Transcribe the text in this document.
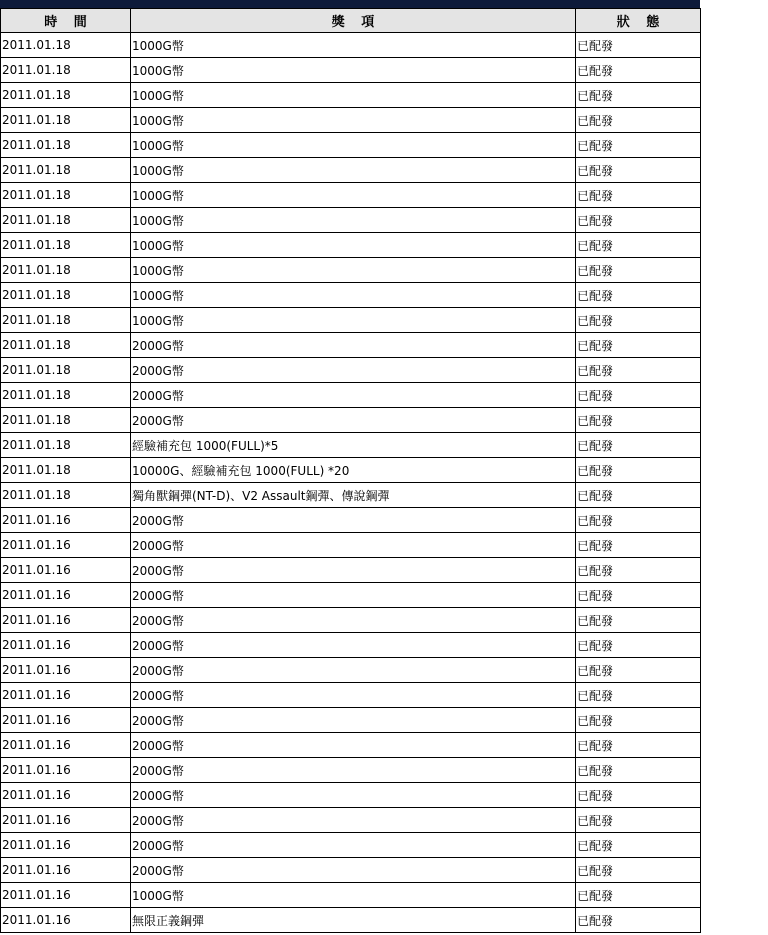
時 間	獎 項	狀 態
2011.01.18	1000G幣	已配發
2011.01.18	1000G幣	已配發
2011.01.18	1000G幣	已配發
2011.01.18	1000G幣	已配發
2011.01.18	1000G幣	已配發
2011.01.18	1000G幣	已配發
2011.01.18	1000G幣	已配發
2011.01.18	1000G幣	已配發
2011.01.18	1000G幣	已配發
2011.01.18	1000G幣	已配發
2011.01.18	1000G幣	已配發
2011.01.18	1000G幣	已配發
2011.01.18	2000G幣	已配發
2011.01.18	2000G幣	已配發
2011.01.18	2000G幣	已配發
2011.01.18	2000G幣	已配發
2011.01.18	經驗補充包 1000(FULL)*5	已配發
2011.01.18	10000G、經驗補充包 1000(FULL) *20	已配發
2011.01.18	獨角獸鋼彈(NT-D)、V2 Assault鋼彈、傳說鋼彈	已配發
2011.01.16	2000G幣	已配發
2011.01.16	2000G幣	已配發
2011.01.16	2000G幣	已配發
2011.01.16	2000G幣	已配發
2011.01.16	2000G幣	已配發
2011.01.16	2000G幣	已配發
2011.01.16	2000G幣	已配發
2011.01.16	2000G幣	已配發
2011.01.16	2000G幣	已配發
2011.01.16	2000G幣	已配發
2011.01.16	2000G幣	已配發
2011.01.16	2000G幣	已配發
2011.01.16	2000G幣	已配發
2011.01.16	2000G幣	已配發
2011.01.16	2000G幣	已配發
2011.01.16	1000G幣	已配發
2011.01.16	無限正義鋼彈	已配發
